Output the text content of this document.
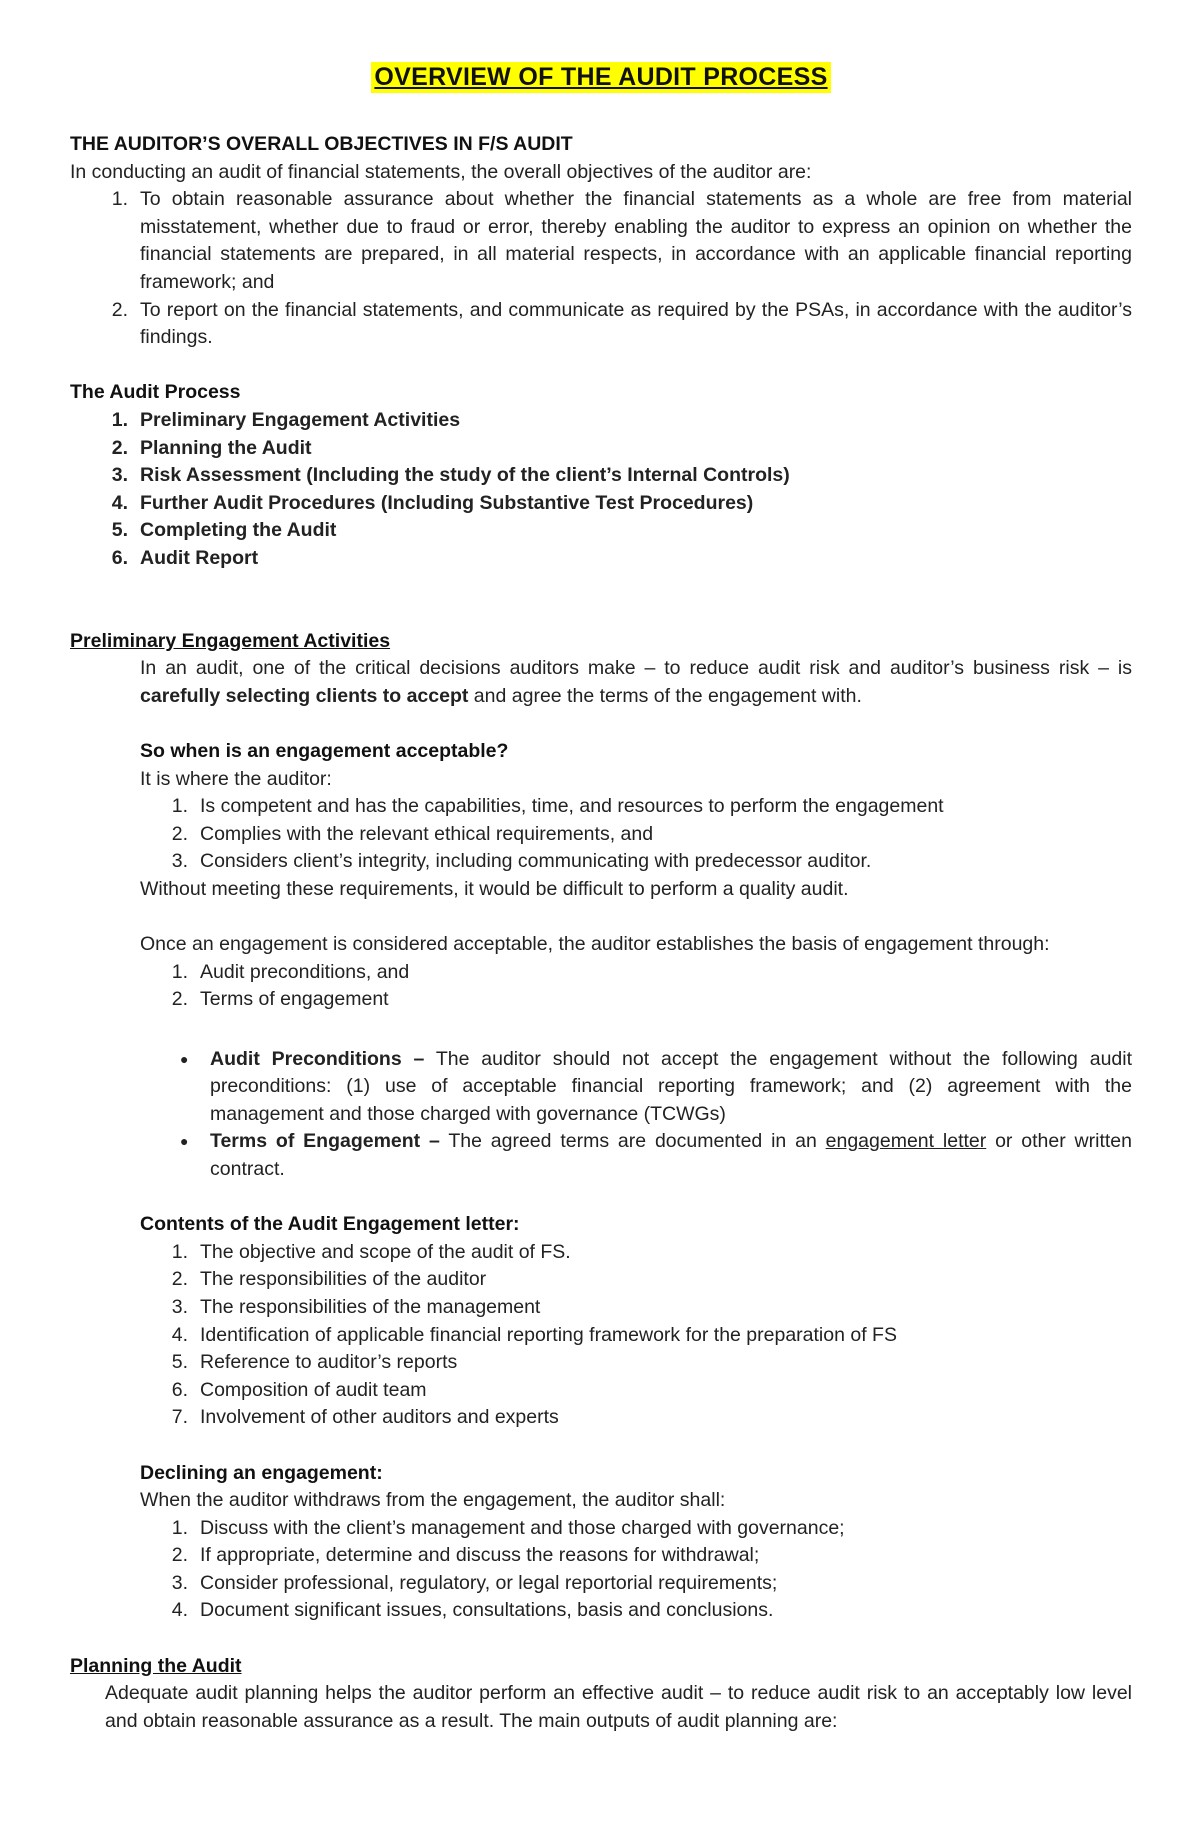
OVERVIEW OF THE AUDIT PROCESS
THE AUDITOR’S OVERALL OBJECTIVES IN F/S AUDIT
In conducting an audit of financial statements, the overall objectives of the auditor are:
1. To obtain reasonable assurance about whether the financial statements as a whole are free from material misstatement, whether due to fraud or error, thereby enabling the auditor to express an opinion on whether the financial statements are prepared, in all material respects, in accordance with an applicable financial reporting framework; and
2. To report on the financial statements, and communicate as required by the PSAs, in accordance with the auditor’s findings.
The Audit Process
1. Preliminary Engagement Activities
2. Planning the Audit
3. Risk Assessment (Including the study of the client’s Internal Controls)
4. Further Audit Procedures (Including Substantive Test Procedures)
5. Completing the Audit
6. Audit Report
Preliminary Engagement Activities
In an audit, one of the critical decisions auditors make – to reduce audit risk and auditor’s business risk – is carefully selecting clients to accept and agree the terms of the engagement with.
So when is an engagement acceptable?
It is where the auditor:
1. Is competent and has the capabilities, time, and resources to perform the engagement
2. Complies with the relevant ethical requirements, and
3. Considers client’s integrity, including communicating with predecessor auditor.
Without meeting these requirements, it would be difficult to perform a quality audit.
Once an engagement is considered acceptable, the auditor establishes the basis of engagement through:
1. Audit preconditions, and
2. Terms of engagement
●	Audit Preconditions – The auditor should not accept the engagement without the following audit preconditions: (1) use of acceptable financial reporting framework; and (2) agreement with the management and those charged with governance (TCWGs)
●	Terms of Engagement – The agreed terms are documented in an engagement letter or other written contract.
Contents of the Audit Engagement letter:
1. The objective and scope of the audit of FS.
2. The responsibilities of the auditor
3. The responsibilities of the management
4. Identification of applicable financial reporting framework for the preparation of FS
5. Reference to auditor’s reports
6. Composition of audit team
7. Involvement of other auditors and experts
Declining an engagement:
When the auditor withdraws from the engagement, the auditor shall:
1. Discuss with the client’s management and those charged with governance;
2. If appropriate, determine and discuss the reasons for withdrawal;
3. Consider professional, regulatory, or legal reportorial requirements;
4. Document significant issues, consultations, basis and conclusions.
Planning the Audit
Adequate audit planning helps the auditor perform an effective audit – to reduce audit risk to an acceptably low level and obtain reasonable assurance as a result. The main outputs of audit planning are:
